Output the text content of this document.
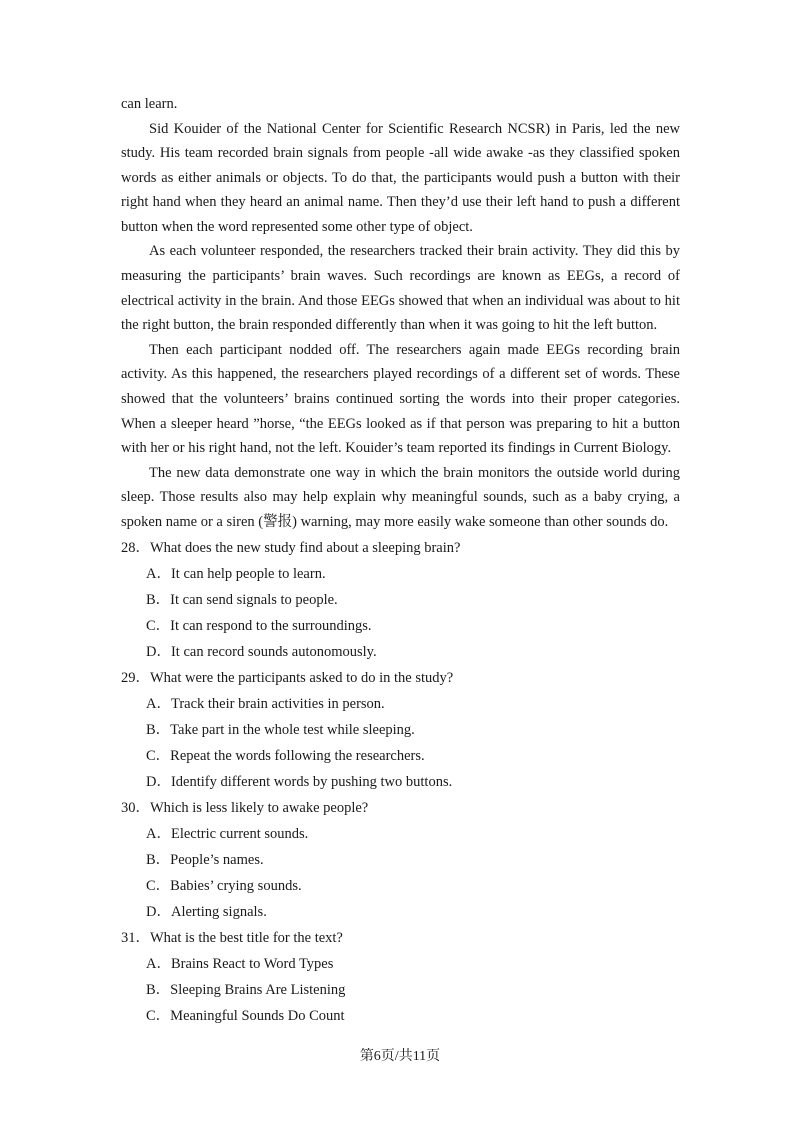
can learn.

Sid Kouider of the National Center for Scientific Research NCSR) in Paris, led the new study. His team recorded brain signals from people -all wide awake -as they classified spoken words as either animals or objects. To do that, the participants would push a button with their right hand when they heard an animal name. Then they’d use their left hand to push a different button when the word represented some other type of object.

As each volunteer responded, the researchers tracked their brain activity. They did this by measuring the participants’ brain waves. Such recordings are known as EEGs, a record of electrical activity in the brain. And those EEGs showed that when an individual was about to hit the right button, the brain responded differently than when it was going to hit the left button.

Then each participant nodded off. The researchers again made EEGs recording brain activity. As this happened, the researchers played recordings of a different set of words. These showed that the volunteers’ brains continued sorting the words into their proper categories. When a sleeper heard ”horse, “the EEGs looked as if that person was preparing to hit a button with her or his right hand, not the left. Kouider’s team reported its findings in Current Biology.

The new data demonstrate one way in which the brain monitors the outside world during sleep. Those results also may help explain why meaningful sounds, such as a baby crying, a spoken name or a siren (警报) warning, may more easily wake someone than other sounds do.

28．What does the new study find about a sleeping brain?

A．It can help people to learn.

B．It can send signals to people.

C．It can respond to the surroundings.

D．It can record sounds autonomously.

29．What were the participants asked to do in the study?

A．Track their brain activities in person.

B．Take part in the whole test while sleeping.

C．Repeat the words following the researchers.

D．Identify different words by pushing two buttons.

30．Which is less likely to awake people?

A．Electric current sounds.

B．People’s names.

C．Babies’ crying sounds.

D．Alerting signals.

31．What is the best title for the text?

A．Brains React to Word Types

B．Sleeping Brains Are Listening

C．Meaningful Sounds Do Count

第6页/共11页
